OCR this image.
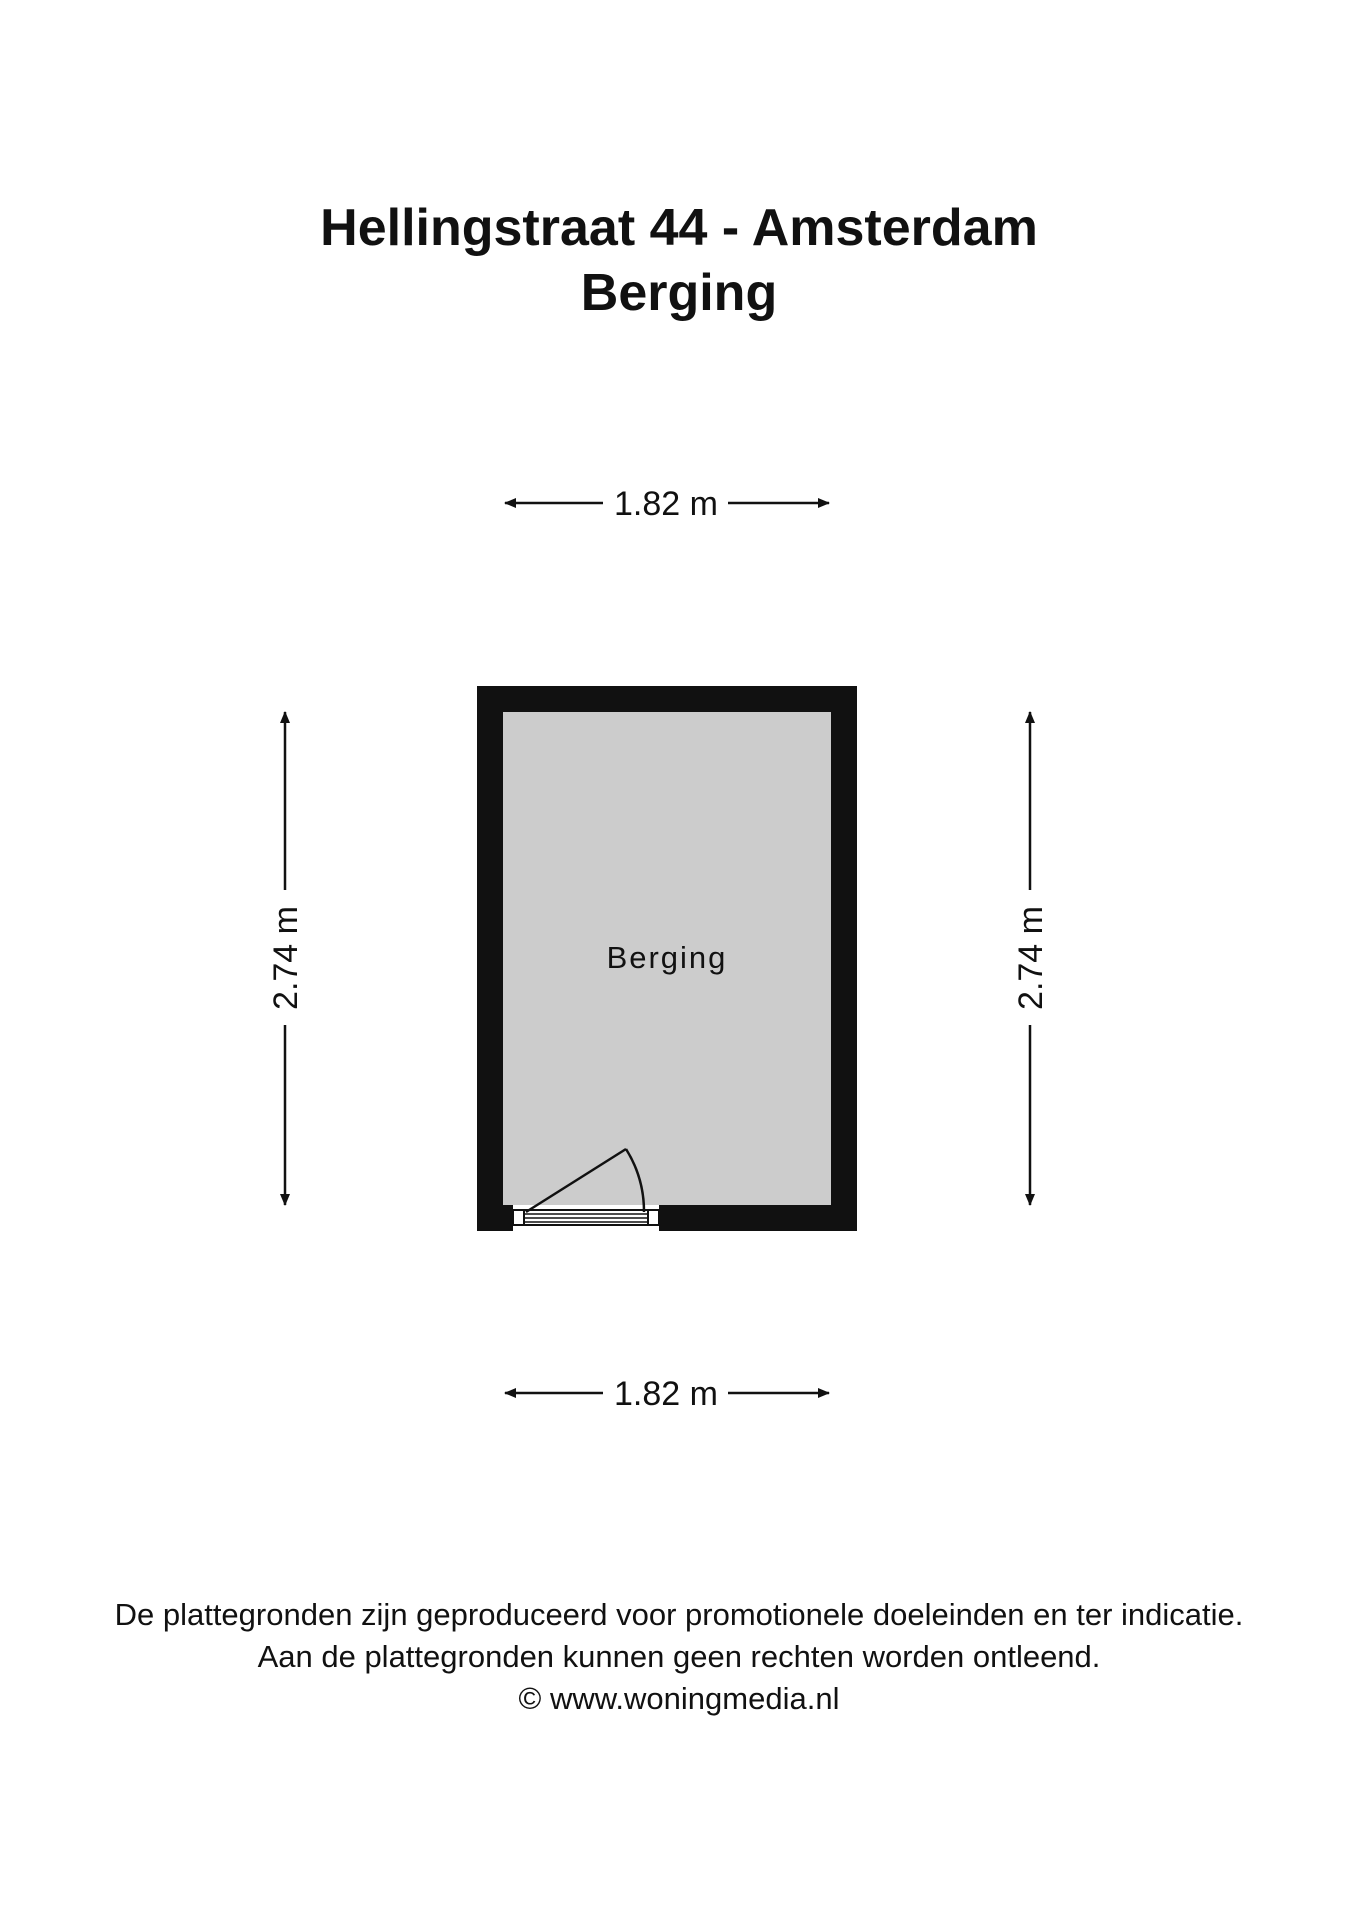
Hellingstraat 44 - Amsterdam
Berging
1.82 m
2.74 m	2.74 m
Berging
1.82 m
De plattegronden zijn geproduceerd voor promotionele doeleinden en ter indicatie.
Aan de plattegronden kunnen geen rechten worden ontleend.
© www.woningmedia.nl
